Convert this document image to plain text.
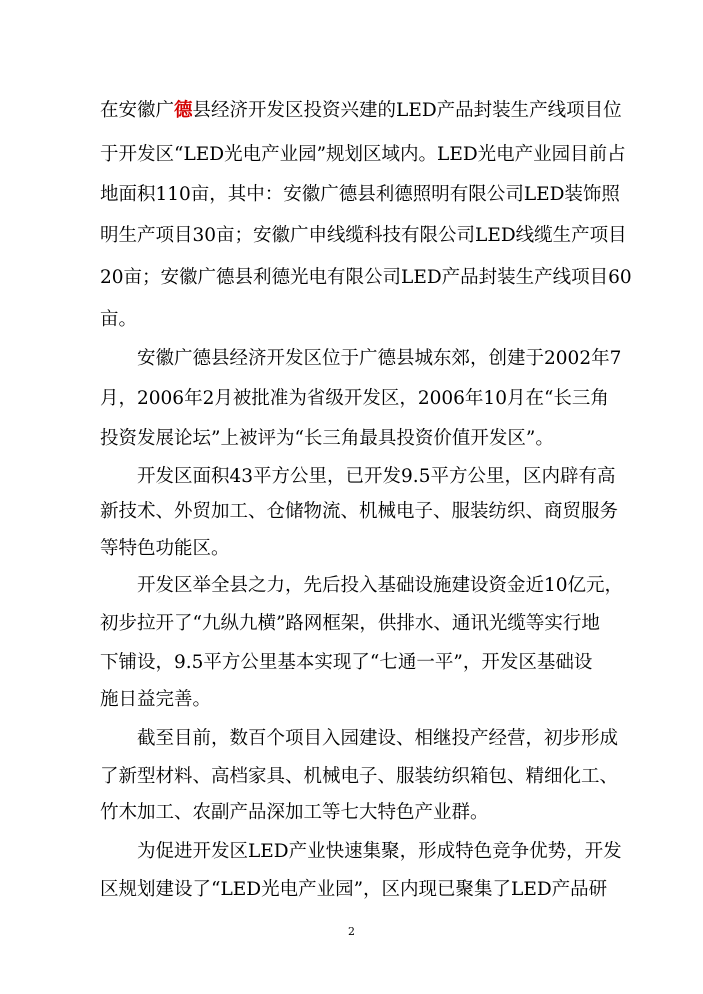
在安徽广德县经济开发区投资兴建的LED产品封装生产线项目位
于开发区“LED光电产业园”规划区域内。LED光电产业园目前占
地面积110亩，其中：安徽广德县利德照明有限公司LED装饰照
明生产项目30亩；安徽广申线缆科技有限公司LED线缆生产项目
20亩；安徽广德县利德光电有限公司LED产品封装生产线项目60
亩。
安徽广德县经济开发区位于广德县城东郊，创建于2002年7
月，2006年2月被批准为省级开发区，2006年10月在“长三角
投资发展论坛”上被评为“长三角最具投资价值开发区”。
开发区面积43平方公里，已开发9.5平方公里，区内辟有高
新技术、外贸加工、仓储物流、机械电子、服装纺织、商贸服务
等特色功能区。
开发区举全县之力，先后投入基础设施建设资金近10亿元，
初步拉开了“九纵九横”路网框架，供排水、通讯光缆等实行地
下铺设，9.5平方公里基本实现了“七通一平”，开发区基础设
施日益完善。
截至目前，数百个项目入园建设、相继投产经营，初步形成
了新型材料、高档家具、机械电子、服装纺织箱包、精细化工、
竹木加工、农副产品深加工等七大特色产业群。
为促进开发区LED产业快速集聚，形成特色竞争优势，开发
区规划建设了“LED光电产业园”，区内现已聚集了LED产品研
2
